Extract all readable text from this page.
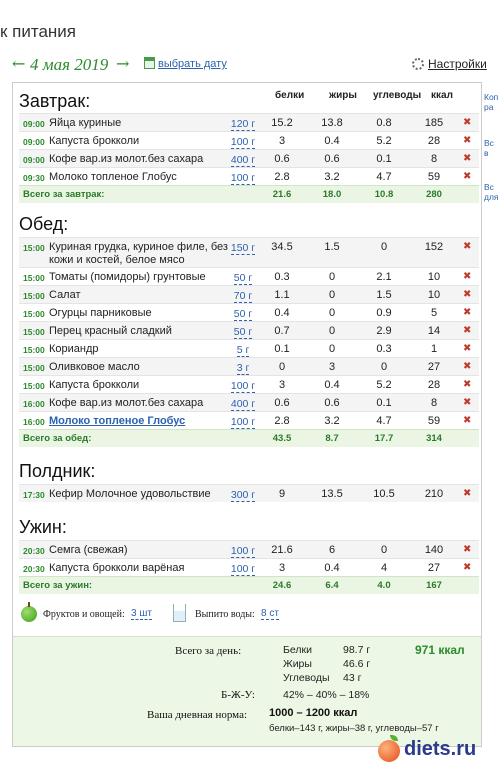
к питания
← 4 мая 2019 →	выбрать дату	Настройки
белки жиры углеводы ккал
Завтрак:
09:00 Яйца куриные	120 г	15.2	13.8	0.8	185	✖
09:00 Капуста брокколи	100 г	3	0.4	5.2	28	✖
09:00 Кофе вар.из молот.без сахара	400 г	0.6	0.6	0.1	8	✖
09:30 Молоко топленое Глобус	100 г	2.8	3.2	4.7	59	✖
Всего за завтрак:	21.6	18.0	10.8	280
Обед:
15:00 Куриная грудка, куриное филе, без кожи и костей, белое мясо
150 г	34.5	1.5	0	152	✖
15:00 Томаты (помидоры) грунтовые	50 г	0.3	0	2.1	10	✖
15:00 Салат	70 г	1.1	0	1.5	10	✖
15:00 Огурцы парниковые	50 г	0.4	0	0.9	5	✖
15:00 Перец красный сладкий	50 г	0.7	0	2.9	14	✖
15:00 Кориандр	5 г	0.1	0	0.3	1	✖
15:00 Оливковое масло	3 г	0	3	0	27	✖
15:00 Капуста брокколи	100 г	3	0.4	5.2	28	✖
16:00 Кофе вар.из молот.без сахара	400 г	0.6	0.6	0.1	8	✖
16:00 Молоко топленое Глобус	100 г	2.8	3.2	4.7	59	✖
Всего за обед:	43.5	8.7	17.7	314
Полдник:
17:30 Кефир Молочное удовольствие	300 г	9	13.5	10.5	210	✖
Ужин:
20:30 Семга (свежая)	100 г	21.6	6	0	140	✖
20:30 Капуста брокколи варёная	100 г	3	0.4	4	27	✖
Всего за ужин:	24.6	6.4	4.0	167
Фруктов и овощей: 3 шт	Выпито воды: 8 ст
Всего за день:	Белки	98.7 г
Жиры	46.6 г
Углеводы 43 г
971 ккал
Б-Ж-У:	42% – 40% – 18%
Ваша дневная норма: 1000 – 1200 ккал
белки–143 г, жиры–38 г, углеводы–57 г
Коп
ра
Вс
в
Вс
для
diets.ru
